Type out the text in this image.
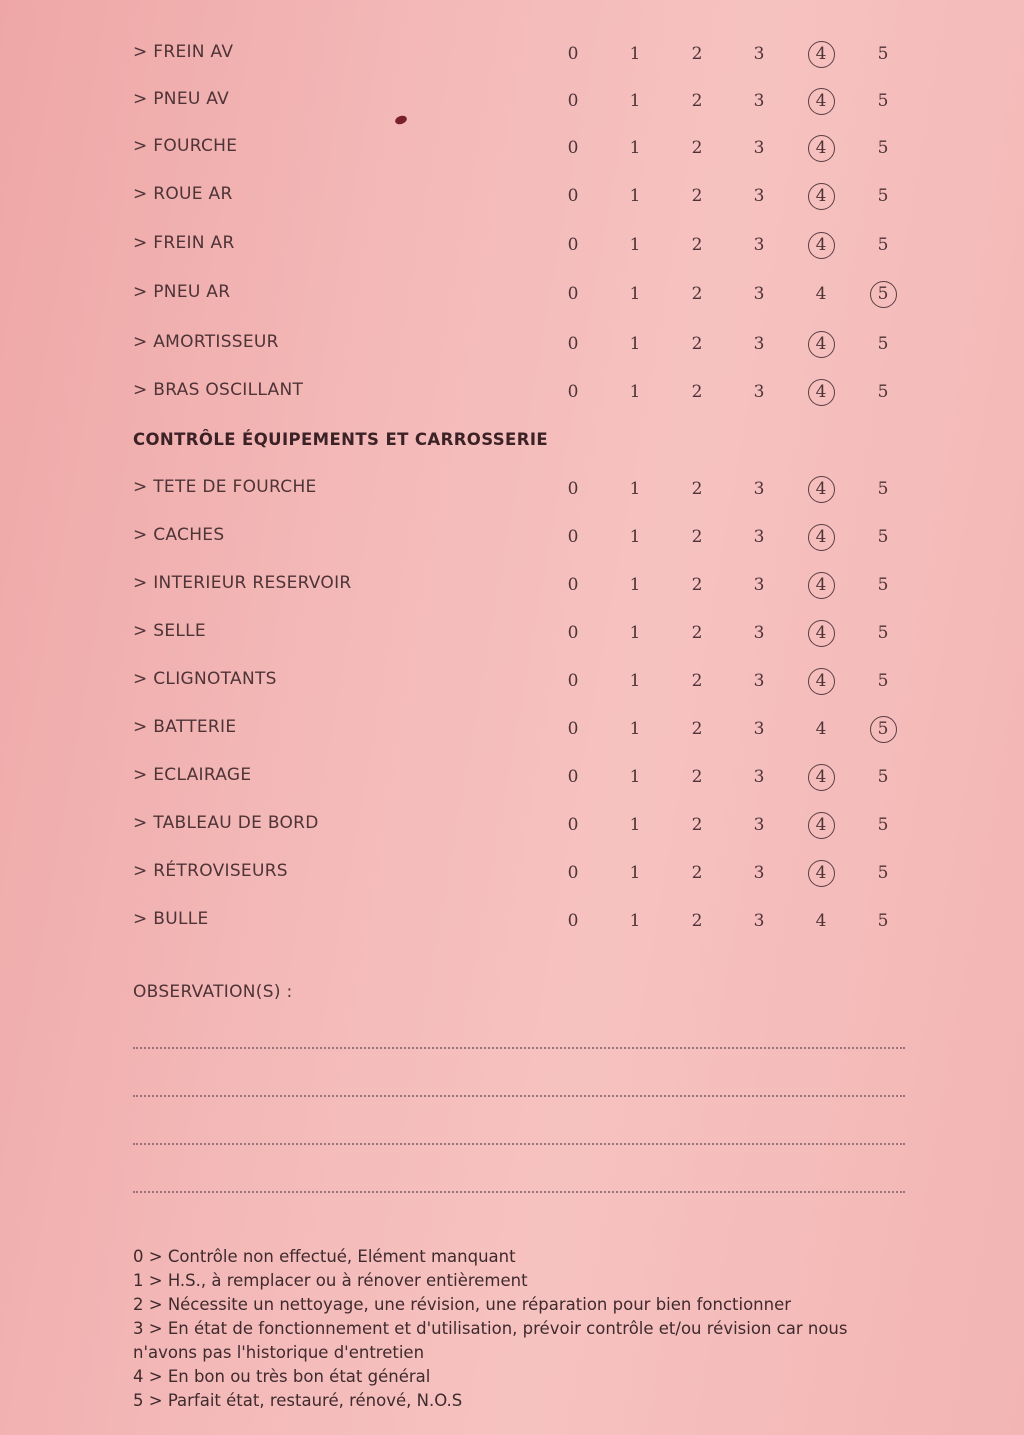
> FREIN AV	0	1	2	3	4	5
> PNEU AV	0	1	2	3	4	5
> FOURCHE	0	1	2	3	4	5
> ROUE AR	0	1	2	3	4	5
> FREIN AR	0	1	2	3	4	5
> PNEU AR	0	1	2	3	4	5
> AMORTISSEUR	0	1	2	3	4	5
> BRAS OSCILLANT	0	1	2	3	4	5
> TETE DE FOURCHE	0	1	2	3	4	5
> CACHES	0	1	2	3	4	5
> INTERIEUR RESERVOIR	0	1	2	3	4	5
> SELLE	0	1	2	3	4	5
> CLIGNOTANTS	0	1	2	3	4	5
> BATTERIE	0	1	2	3	4	5
> ECLAIRAGE	0	1	2	3	4	5
> TABLEAU DE BORD	0	1	2	3	4	5
> RÉTROVISEURS	0	1	2	3	4	5
> BULLE	0	1	2	3	4	5
CONTRÔLE ÉQUIPEMENTS ET CARROSSERIE
OBSERVATION(S) :

0 > Contrôle non effectué, Elément manquant

1 > H.S., à remplacer ou à rénover entièrement

2 > Nécessite un nettoyage, une révision, une réparation pour bien fonctionner

3 > En état de fonctionnement et d'utilisation, prévoir contrôle et/ou révision car nous n'avons pas l'historique d'entretien

4 > En bon ou très bon état général

5 > Parfait état, restauré, rénové, N.O.S
